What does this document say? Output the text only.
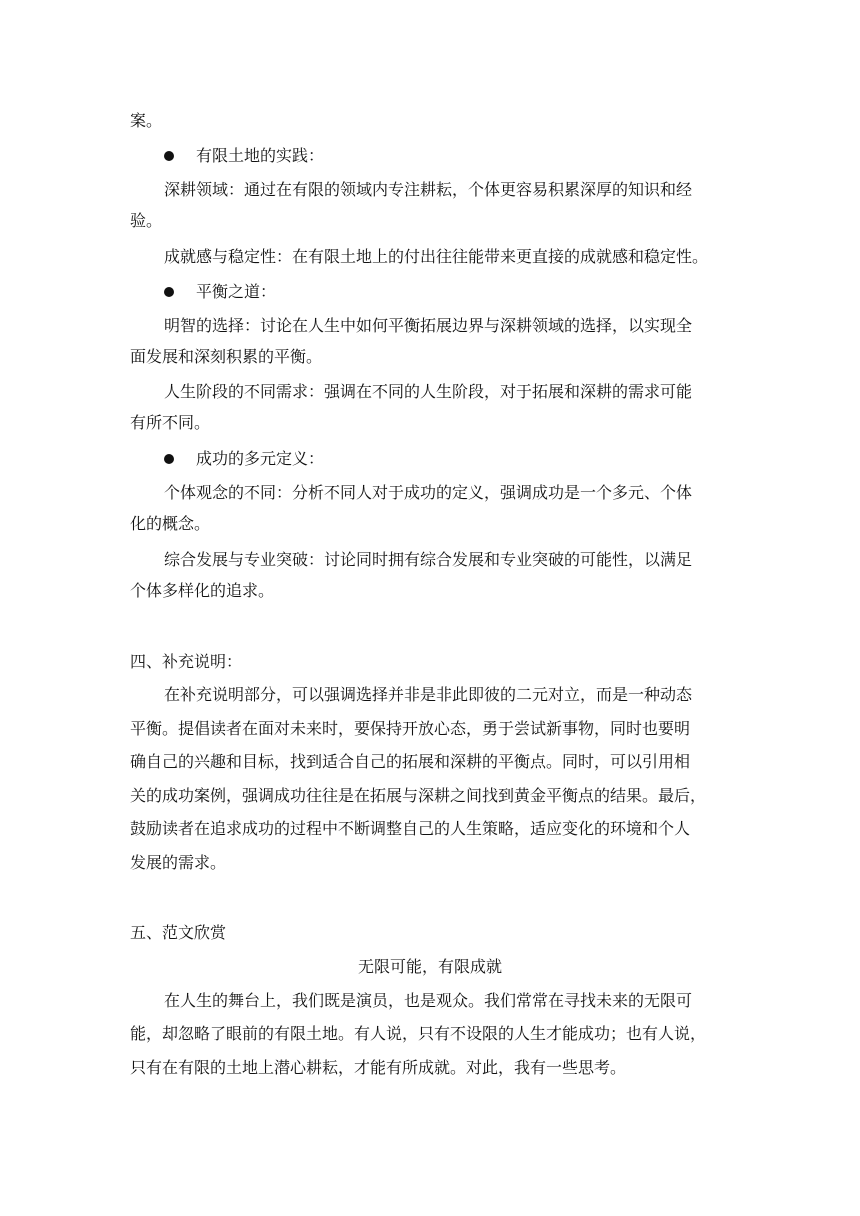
案。
有限土地的实践：
深耕领域：通过在有限的领域内专注耕耘，个体更容易积累深厚的知识和经
验。
成就感与稳定性：在有限土地上的付出往往能带来更直接的成就感和稳定性。
平衡之道：
明智的选择：讨论在人生中如何平衡拓展边界与深耕领域的选择，以实现全
面发展和深刻积累的平衡。
人生阶段的不同需求：强调在不同的人生阶段，对于拓展和深耕的需求可能
有所不同。
成功的多元定义：
个体观念的不同：分析不同人对于成功的定义，强调成功是一个多元、个体
化的概念。
综合发展与专业突破：讨论同时拥有综合发展和专业突破的可能性，以满足
个体多样化的追求。
四、补充说明：
在补充说明部分，可以强调选择并非是非此即彼的二元对立，而是一种动态
平衡。提倡读者在面对未来时，要保持开放心态，勇于尝试新事物，同时也要明
确自己的兴趣和目标，找到适合自己的拓展和深耕的平衡点。同时，可以引用相
关的成功案例，强调成功往往是在拓展与深耕之间找到黄金平衡点的结果。最后，
鼓励读者在追求成功的过程中不断调整自己的人生策略，适应变化的环境和个人
发展的需求。
五、范文欣赏
无限可能，有限成就
在人生的舞台上，我们既是演员，也是观众。我们常常在寻找未来的无限可
能，却忽略了眼前的有限土地。有人说，只有不设限的人生才能成功；也有人说，
只有在有限的土地上潜心耕耘，才能有所成就。对此，我有一些思考。
